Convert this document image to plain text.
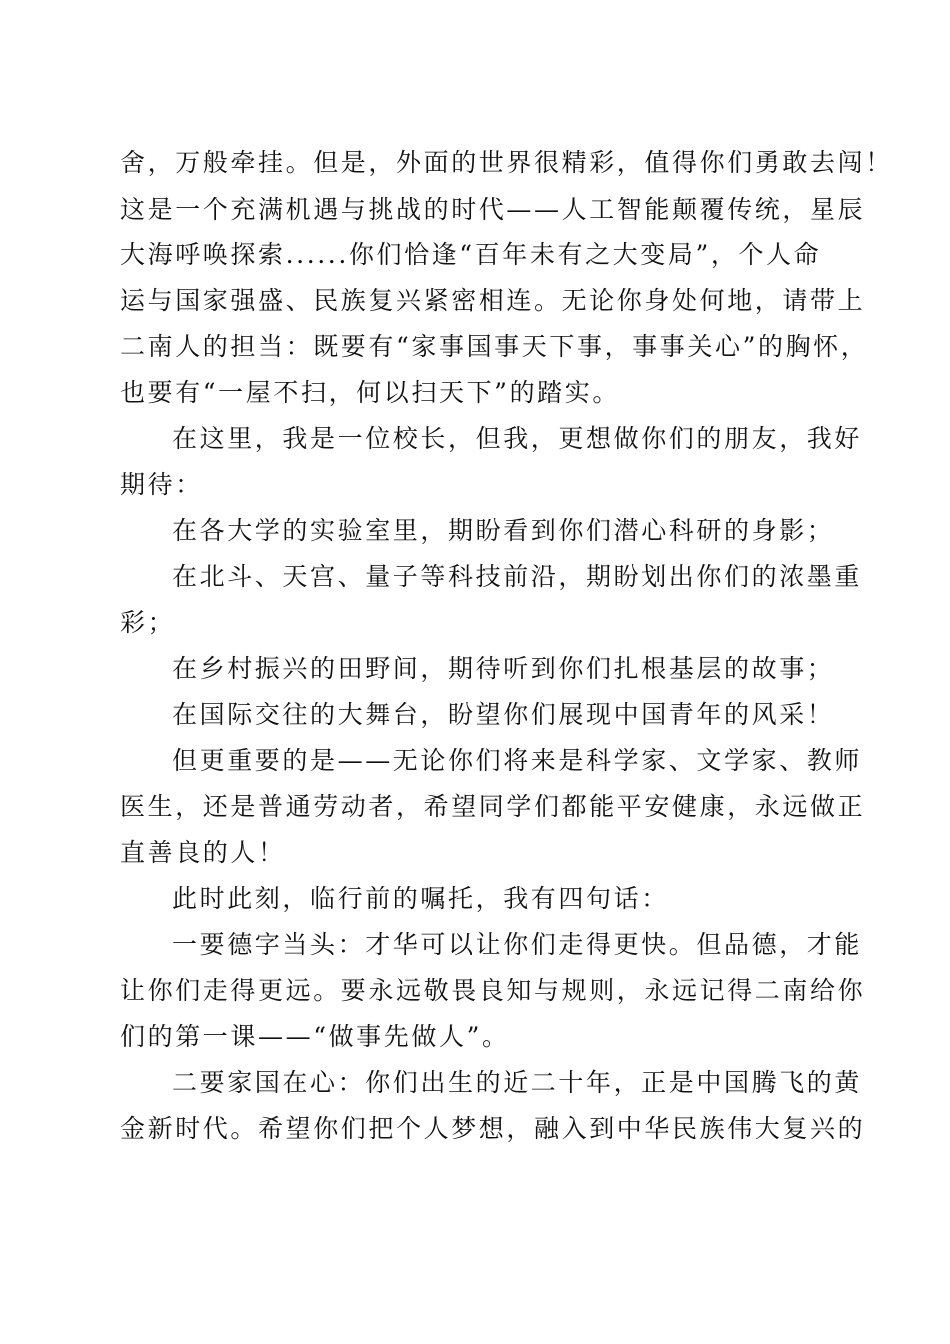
舍，万般牵挂。但是，外面的世界很精彩，值得你们勇敢去闯！
这是一个充满机遇与挑战的时代——人工智能颠覆传统，星辰
大海呼唤探索......你们恰逢“百年未有之大变局”，个人命
运与国家强盛、民族复兴紧密相连。无论你身处何地，请带上
二南人的担当：既要有“家事国事天下事，事事关心”的胸怀，
也要有“一屋不扫，何以扫天下”的踏实。
在这里，我是一位校长，但我，更想做你们的朋友，我好
期待：
在各大学的实验室里，期盼看到你们潜心科研的身影；
在北斗、天宫、量子等科技前沿，期盼划出你们的浓墨重
彩；
在乡村振兴的田野间，期待听到你们扎根基层的故事；
在国际交往的大舞台，盼望你们展现中国青年的风采！
但更重要的是——无论你们将来是科学家、文学家、教师
医生，还是普通劳动者，希望同学们都能平安健康，永远做正
直善良的人！
此时此刻，临行前的嘱托，我有四句话：
一要德字当头：才华可以让你们走得更快。但品德，才能
让你们走得更远。要永远敬畏良知与规则，永远记得二南给你
们的第一课——“做事先做人”。
二要家国在心：你们出生的近二十年，正是中国腾飞的黄
金新时代。希望你们把个人梦想，融入到中华民族伟大复兴的
